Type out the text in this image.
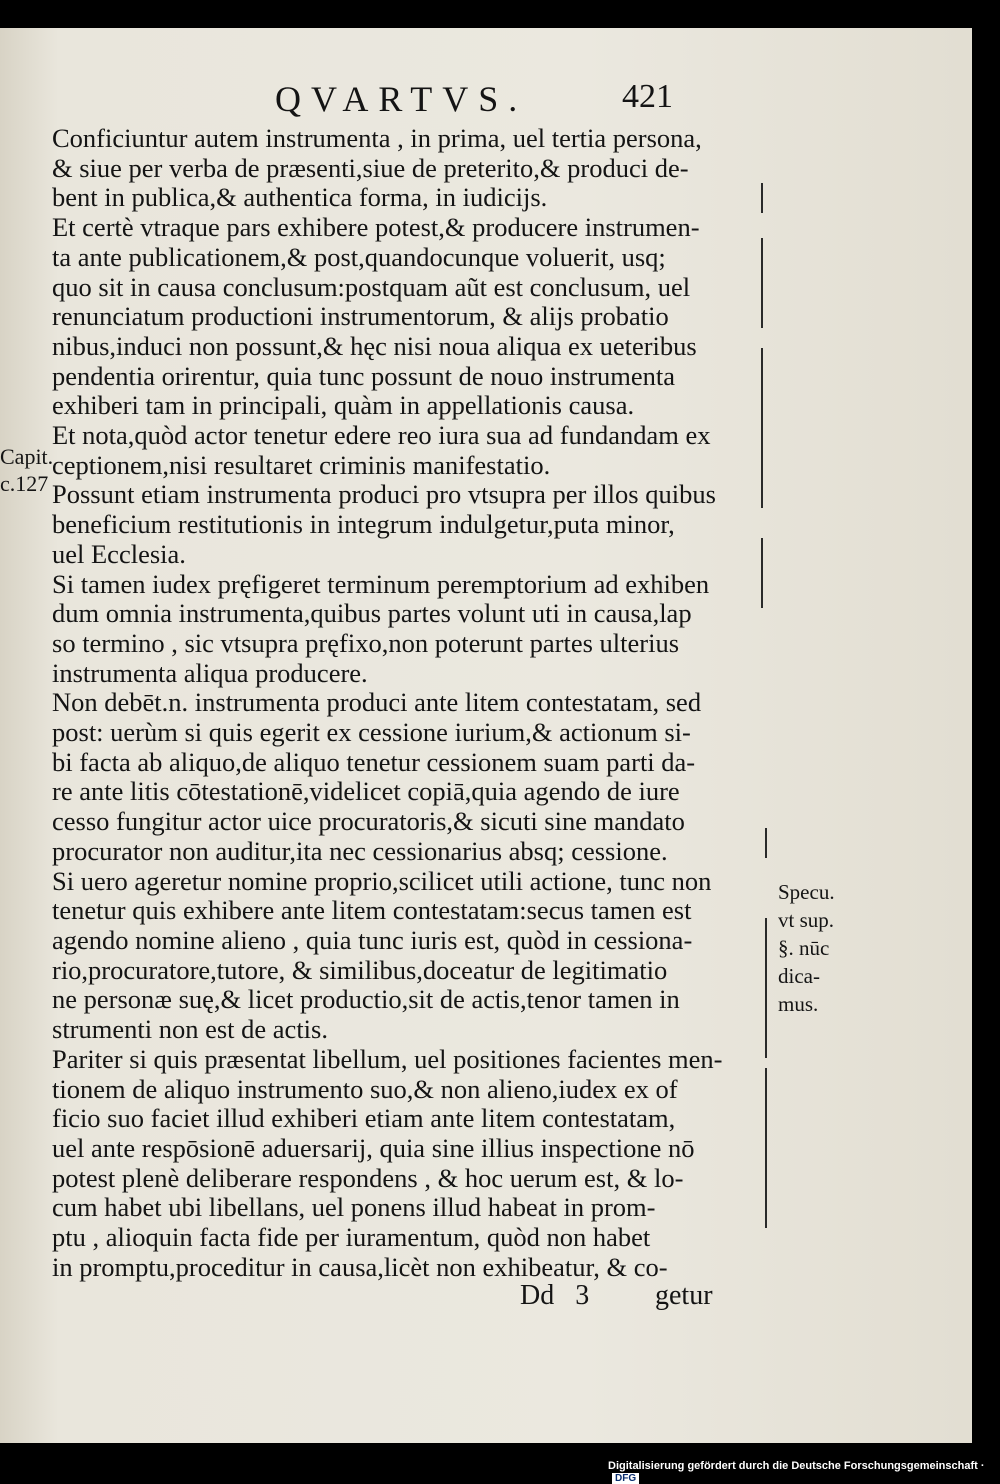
QVARTVS.	421
Capit.
c.127

Conficiuntur autem instrumenta , in prima, uel tertia persona,
& siue per verba de præsenti,siue de preterito,& produci de-
bent in publica,& authentica forma, in iudicijs.

Et certè vtraque pars exhibere potest,& producere instrumen-
ta ante publicationem,& post,quandocunque voluerit, usq;
quo sit in causa conclusum:postquam aũt est conclusum, uel
renunciatum productioni instrumentorum, & alijs probatio
nibus,induci non possunt,& hęc nisi noua aliqua ex ueteribus
pendentia orirentur, quia tunc possunt de nouo instrumenta
exhiberi tam in principali, quàm in appellationis causa.

Et nota,quòd actor tenetur edere reo iura sua ad fundandam ex
ceptionem,nisi resultaret criminis manifestatio.

Possunt etiam instrumenta produci pro vtsupra per illos quibus
beneficium restitutionis in integrum indulgetur,puta minor,
uel Ecclesia.

Si tamen iudex pręfigeret terminum peremptorium ad exhiben
dum omnia instrumenta,quibus partes volunt uti in causa,lap
so termino , sic vtsupra pręfixo,non poterunt partes ulterius
instrumenta aliqua producere.

Non debēt.n. instrumenta produci ante litem contestatam, sed
post: uerùm si quis egerit ex cessione iurium,& actionum si-
bi facta ab aliquo,de aliquo tenetur cessionem suam parti da-
re ante litis cōtestationē,videlicet copiā,quia agendo de iure
cesso fungitur actor uice procuratoris,& sicuti sine mandato
procurator non auditur,ita nec cessionarius absq; cessione.

Si uero ageretur nomine proprio,scilicet utili actione, tunc non
tenetur quis exhibere ante litem contestatam:secus tamen est
agendo nomine alieno , quia tunc iuris est, quòd in cessiona-
rio,procuratore,tutore, & similibus,doceatur de legitimatio
ne personæ suę,& licet productio,sit de actis,tenor tamen in
strumenti non est de actis.

Pariter si quis præsentat libellum, uel positiones facientes men-
tionem de aliquo instrumento suo,& non alieno,iudex ex of
ficio suo faciet illud exhiberi etiam ante litem contestatam,
uel ante respōsionē aduersarij, quia sine illius inspectione nō
potest plenè deliberare respondens , & hoc uerum est, & lo-
cum habet ubi libellans, uel ponens illud habeat in prom-
ptu , alioquin facta fide per iuramentum, quòd non habet
in promptu,proceditur in causa,licèt non exhibeatur, & co-

Specu.
vt sup.
§. nūc
dica-
mus.
Dd 3 getur
Digitalisierung gefördert durch die Deutsche Forschungsgemeinschaft ·DFG
